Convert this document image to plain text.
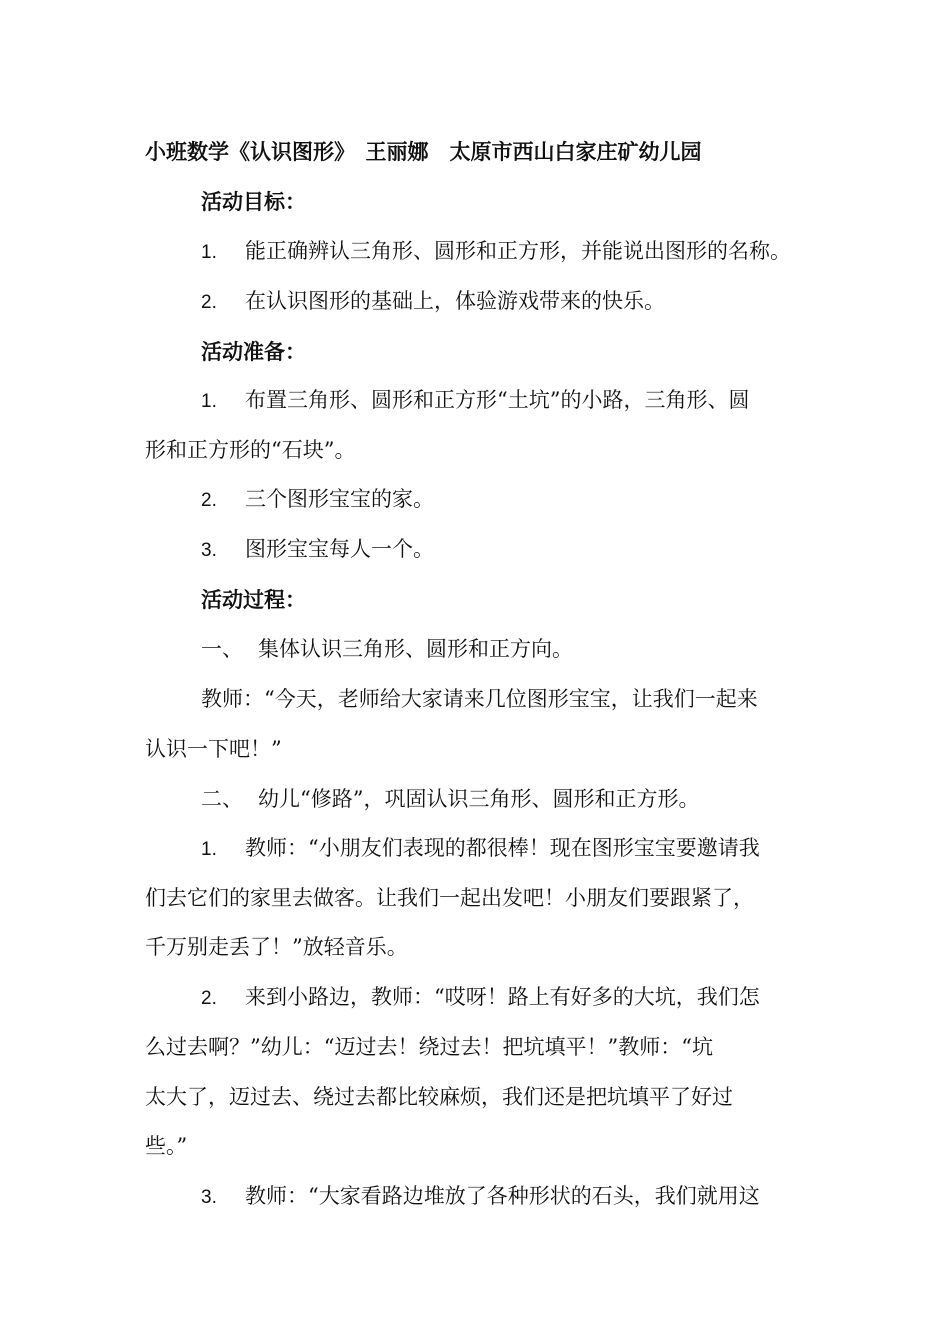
小班数学《认识图形》　王丽娜　太原市西山白家庄矿幼儿园
活动目标：
1. 能正确辨认三角形、圆形和正方形，并能说出图形的名称。
2. 在认识图形的基础上，体验游戏带来的快乐。
活动准备：
1. 布置三角形、圆形和正方形“土坑”的小路，三角形、圆
形和正方形的“石块”。
2. 三个图形宝宝的家。
3. 图形宝宝每人一个。
活动过程：
一、 集体认识三角形、圆形和正方向。
教师：“今天，老师给大家请来几位图形宝宝，让我们一起来
认识一下吧！”
二、 幼儿“修路”，巩固认识三角形、圆形和正方形。
1. 教师：“小朋友们表现的都很棒！现在图形宝宝要邀请我
们去它们的家里去做客。让我们一起出发吧！小朋友们要跟紧了，
千万别走丢了！”放轻音乐。
2. 来到小路边，教师：“哎呀！路上有好多的大坑，我们怎
么过去啊？”幼儿：“迈过去！绕过去！把坑填平！”教师：“坑
太大了，迈过去、绕过去都比较麻烦，我们还是把坑填平了好过
些。”
3. 教师：“大家看路边堆放了各种形状的石头，我们就用这
